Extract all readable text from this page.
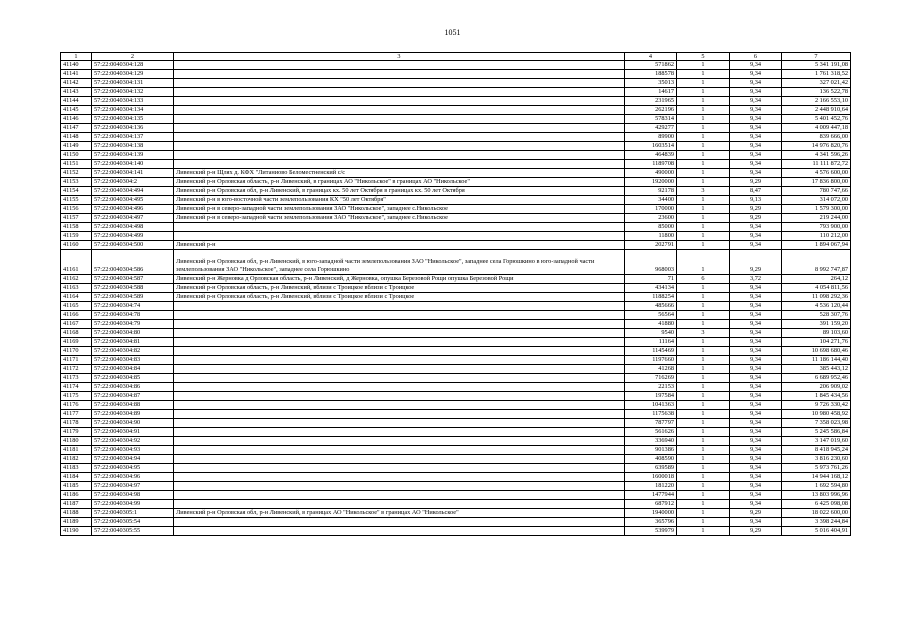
1051
1	2	3	4	5	6	7
41140	57:22:0040304:128		571862	1	9,34	5 341 191,08
41141	57:22:0040304:129		188578	1	9,34	1 761 318,52
41142	57:22:0040304:131		35013	1	9,34	327 021,42
41143	57:22:0040304:132		14617	1	9,34	136 522,78
41144	57:22:0040304:133		231965	1	9,34	2 166 553,10
41145	57:22:0040304:134		262196	1	9,34	2 448 910,64
41146	57:22:0040304:135		578314	1	9,34	5 401 452,76
41147	57:22:0040304:136		429277	1	9,34	4 009 447,18
41148	57:22:0040304:137		89900	1	9,34	839 666,00
41149	57:22:0040304:138		1603514	1	9,34	14 976 820,76
41150	57:22:0040304:139		464839	1	9,34	4 341 596,26
41151	57:22:0040304:140		1189708	1	9,34	11 111 872,72
41152	57:22:0040304:141	Ливенский р-н Щлях д. КФХ "Литаниово Беломестненский с/с	490000	1	9,34	4 576 600,00
41153	57:22:0040304:2	Ливенский р-н Орловская область, р-н Ливенский, в границах АО "Никольское" в границах АО "Никольское"	1920000	1	9,29	17 836 800,00
41154	57:22:0040304:494	Ливенский р-н Орловская обл, р-н Ливенский, в границах кх. 50 лет Октября в границах кх. 50 лет Октября	92178	3	8,47	780 747,66
41155	57:22:0040304:495	Ливенский р-н в юго-восточной части землепользования КХ "50 лет Октября"	34400	1	9,13	314 072,00
41156	57:22:0040304:496	Ливенский р-н в северо-западной части землепользования ЗАО "Никольское", западнее с.Никольское	170000	1	9,29	1 579 300,00
41157	57:22:0040304:497	Ливенский р-н в северо-западной части землепользования ЗАО "Никольское", западнее с.Никольское	23600	1	9,29	219 244,00
41158	57:22:0040304:498		85000	1	9,34	793 900,00
41159	57:22:0040304:499		11800	1	9,34	110 212,00
41160	57:22:0040304:500	Ливенский р-н	202791	1	9,34	1 894 067,94
41161	57:22:0040304:586	Ливенский р-н Орловская обл, р-н Ливенский, в юго-западной части землепользования ЗАО "Никольское", западнее села Горюшкино в юго-западной части землепользования ЗАО "Никольское", западнее села Горюшкино	968003	1	9,29	8 992 747,87
41162	57:22:0040304:587	Ливенский р-н Жерновка д Орловская область, р-н Ливенский, д Жерновка, опушка Березовой Рощи опушка Березовой Рощи	71	6	3,72	264,12
41163	57:22:0040304:588	Ливенский р-н Орловская область, р-н Ливенский, вблизи с Троицкое вблизи с Троицкое	434134	1	9,34	4 054 811,56
41164	57:22:0040304:589	Ливенский р-н Орловская область, р-н Ливенский, вблизи с Троицкое вблизи с Троицкое	1188254	1	9,34	11 098 292,36
41165	57:22:0040304:74		485666	1	9,34	4 536 120,44
41166	57:22:0040304:78		56564	1	9,34	528 307,76
41167	57:22:0040304:79		41880	1	9,34	391 159,20
41168	57:22:0040304:80		9540	3	9,34	89 103,60
41169	57:22:0040304:81		11164	1	9,34	104 271,76
41170	57:22:0040304:82		1145469	1	9,34	10 698 680,46
41171	57:22:0040304:83		1197660	1	9,34	11 186 144,40
41172	57:22:0040304:84		41268	1	9,34	385 443,12
41173	57:22:0040304:85		716269	1	9,34	6 689 952,46
41174	57:22:0040304:86		22153	1	9,34	206 909,02
41175	57:22:0040304:87		197584	1	9,34	1 845 434,56
41176	57:22:0040304:88		1041363	1	9,34	9 726 330,42
41177	57:22:0040304:89		1175638	1	9,34	10 980 458,92
41178	57:22:0040304:90		787797	1	9,34	7 358 023,98
41179	57:22:0040304:91		561626	1	9,34	5 245 586,84
41180	57:22:0040304:92		336940	1	9,34	3 147 019,60
41181	57:22:0040304:93		901386	1	9,34	8 418 945,24
41182	57:22:0040304:94		408590	1	9,34	3 816 230,60
41183	57:22:0040304:95		639589	1	9,34	5 973 761,26
41184	57:22:0040304:96		1600018	1	9,34	14 944 168,12
41185	57:22:0040304:97		181220	1	9,34	1 692 594,80
41186	57:22:0040304:98		1477944	1	9,34	13 803 996,96
41187	57:22:0040304:99		687912	1	9,34	6 425 098,08
41188	57:22:0040305:1	Ливенский р-н Орловская обл, р-н Ливенский, в границах АО "Никольское" в границах АО "Никольское"	1940000	1	9,29	18 022 600,00
41189	57:22:0040305:54		365796	1	9,34	3 398 244,84
41190	57:22:0040305:55		539979	1	9,29	5 016 404,91
